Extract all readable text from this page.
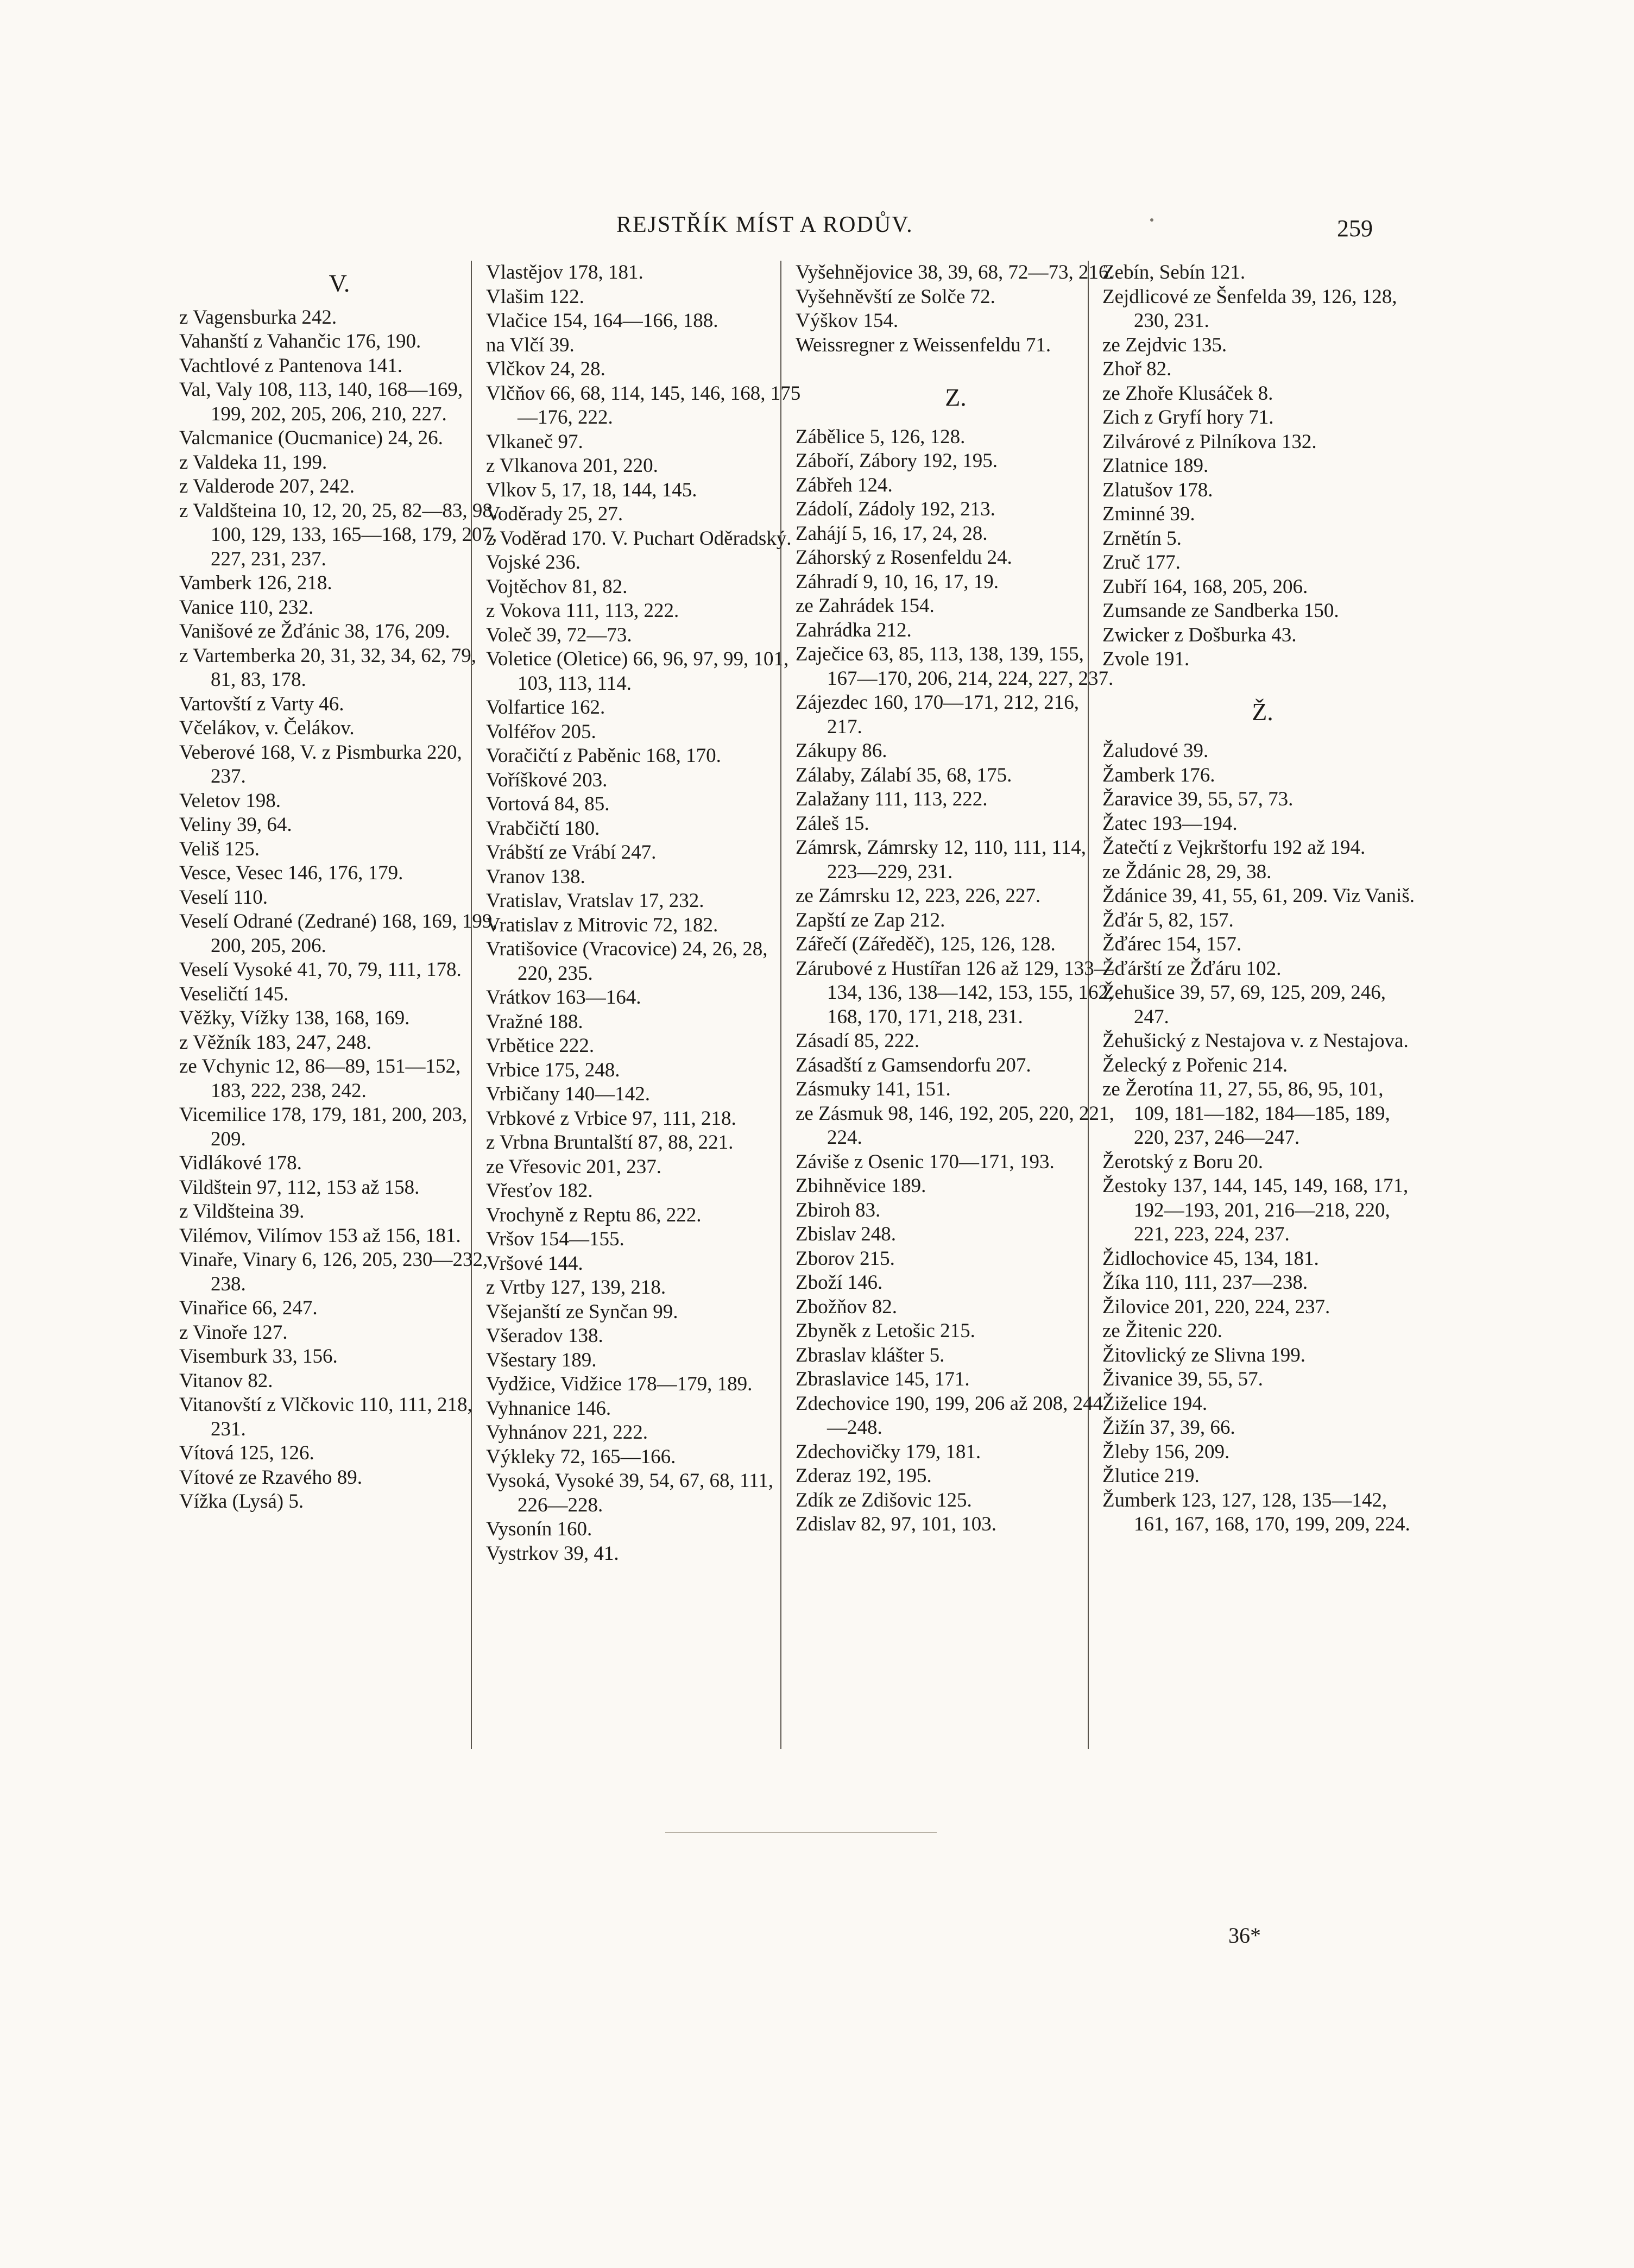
REJSTŘÍK MÍST A RODŮV.	259
V.
z Vagensburka 242.
Vahanští z Vahančic 176, 190.
Vachtlové z Pantenova 141.
Val, Valy 108, 113, 140, 168—169, 199, 202, 205, 206, 210, 227.
Valcmanice (Oucmanice) 24, 26.
z Valdeka 11, 199.
z Valderode 207, 242.
z Valdšteina 10, 12, 20, 25, 82—83, 98, 100, 129, 133, 165—168, 179, 207, 227, 231, 237.
Vamberk 126, 218.
Vanice 110, 232.
Vanišové ze Žďánic 38, 176, 209.
z Vartemberka 20, 31, 32, 34, 62, 79, 81, 83, 178.
Vartovští z Varty 46.
Včelákov, v. Čelákov.
Veberové 168, V. z Pismburka 220, 237.
Veletov 198.
Veliny 39, 64.
Veliš 125.
Vesce, Vesec 146, 176, 179.
Veselí 110.
Veselí Odrané (Zedrané) 168, 169, 199, 200, 205, 206.
Veselí Vysoké 41, 70, 79, 111, 178.
Veseličtí 145.
Věžky, Vížky 138, 168, 169.
z Věžník 183, 247, 248.
ze Vchynic 12, 86—89, 151—152, 183, 222, 238, 242.
Vicemilice 178, 179, 181, 200, 203, 209.
Vidlákové 178.
Vildštein 97, 112, 153 až 158.
z Vildšteina 39.
Vilémov, Vilímov 153 až 156, 181.
Vinaře, Vinary 6, 126, 205, 230—232, 238.
Vinařice 66, 247.
z Vinoře 127.
Visemburk 33, 156.
Vitanov 82.
Vitanovští z Vlčkovic 110, 111, 218, 231.
Vítová 125, 126.
Vítové ze Rzavého 89.
Vížka (Lysá) 5.
Vlastějov 178, 181.
Vlašim 122.
Vlačice 154, 164—166, 188.
na Vlčí 39.
Vlčkov 24, 28.
Vlčňov 66, 68, 114, 145, 146, 168, 175—176, 222.
Vlkaneč 97.
z Vlkanova 201, 220.
Vlkov 5, 17, 18, 144, 145.
Voděrady 25, 27.
z Voděrad 170. V. Puchart Oděradský.
Vojské 236.
Vojtěchov 81, 82.
z Vokova 111, 113, 222.
Voleč 39, 72—73.
Voletice (Oletice) 66, 96, 97, 99, 101, 103, 113, 114.
Volfartice 162.
Volféřov 205.
Voračičtí z Paběnic 168, 170.
Voříškové 203.
Vortová 84, 85.
Vrabčičtí 180.
Vrábští ze Vrábí 247.
Vranov 138.
Vratislav, Vratslav 17, 232.
Vratislav z Mitrovic 72, 182.
Vratišovice (Vracovice) 24, 26, 28, 220, 235.
Vrátkov 163—164.
Vražné 188.
Vrbětice 222.
Vrbice 175, 248.
Vrbičany 140—142.
Vrbkové z Vrbice 97, 111, 218.
z Vrbna Bruntalští 87, 88, 221.
ze Vřesovic 201, 237.
Vřesťov 182.
Vrochyně z Reptu 86, 222.
Vršov 154—155.
Vršové 144.
z Vrtby 127, 139, 218.
Všejanští ze Synčan 99.
Všeradov 138.
Všestary 189.
Vydžice, Vidžice 178—179, 189.
Vyhnanice 146.
Vyhnánov 221, 222.
Výkleky 72, 165—166.
Vysoká, Vysoké 39, 54, 67, 68, 111, 226—228.
Vysonín 160.
Vystrkov 39, 41.
Vyšehnějovice 38, 39, 68, 72—73, 216.
Vyšehněvští ze Solče 72.
Výškov 154.
Weissregner z Weissenfeldu 71.
Z.
Zábělice 5, 126, 128.
Záboří, Zábory 192, 195.
Zábřeh 124.
Zádolí, Zádoly 192, 213.
Zahájí 5, 16, 17, 24, 28.
Záhorský z Rosenfeldu 24.
Záhradí 9, 10, 16, 17, 19.
ze Zahrádek 154.
Zahrádka 212.
Zaječice 63, 85, 113, 138, 139, 155, 167—170, 206, 214, 224, 227, 237.
Zájezdec 160, 170—171, 212, 216, 217.
Zákupy 86.
Zálaby, Zálabí 35, 68, 175.
Zalažany 111, 113, 222.
Záleš 15.
Zámrsk, Zámrsky 12, 110, 111, 114, 223—229, 231.
ze Zámrsku 12, 223, 226, 227.
Zapští ze Zap 212.
Zářečí (Záředěč), 125, 126, 128.
Zárubové z Hustířan 126 až 129, 133—134, 136, 138—142, 153, 155, 162, 168, 170, 171, 218, 231.
Zásadí 85, 222.
Zásadští z Gamsendorfu 207.
Zásmuky 141, 151.
ze Zásmuk 98, 146, 192, 205, 220, 221, 224.
Záviše z Osenic 170—171, 193.
Zbihněvice 189.
Zbiroh 83.
Zbislav 248.
Zborov 215.
Zboží 146.
Zbožňov 82.
Zbyněk z Letošic 215.
Zbraslav klášter 5.
Zbraslavice 145, 171.
Zdechovice 190, 199, 206 až 208, 244—248.
Zdechovičky 179, 181.
Zderaz 192, 195.
Zdík ze Zdišovic 125.
Zdislav 82, 97, 101, 103.
Zebín, Sebín 121.
Zejdlicové ze Šenfelda 39, 126, 128, 230, 231.
ze Zejdvic 135.
Zhoř 82.
ze Zhoře Klusáček 8.
Zich z Gryfí hory 71.
Zilvárové z Pilníkova 132.
Zlatnice 189.
Zlatušov 178.
Zminné 39.
Zrnětín 5.
Zruč 177.
Zubří 164, 168, 205, 206.
Zumsande ze Sandberka 150.
Zwicker z Došburka 43.
Zvole 191.
Ž.
Žaludové 39.
Žamberk 176.
Žaravice 39, 55, 57, 73.
Žatec 193—194.
Žatečtí z Vejkrštorfu 192 až 194.
ze Ždánic 28, 29, 38.
Ždánice 39, 41, 55, 61, 209. Viz Vaniš.
Žďár 5, 82, 157.
Žďárec 154, 157.
Žďárští ze Žďáru 102.
Žehušice 39, 57, 69, 125, 209, 246, 247.
Žehušický z Nestajova v. z Nestajova.
Želecký z Pořenic 214.
ze Žerotína 11, 27, 55, 86, 95, 101, 109, 181—182, 184—185, 189, 220, 237, 246—247.
Žerotský z Boru 20.
Žestoky 137, 144, 145, 149, 168, 171, 192—193, 201, 216—218, 220, 221, 223, 224, 237.
Židlochovice 45, 134, 181.
Žíka 110, 111, 237—238.
Žilovice 201, 220, 224, 237.
ze Žitenic 220.
Žitovlický ze Slivna 199.
Živanice 39, 55, 57.
Žiželice 194.
Žižín 37, 39, 66.
Žleby 156, 209.
Žlutice 219.
Žumberk 123, 127, 128, 135—142, 161, 167, 168, 170, 199, 209, 224.
36*
